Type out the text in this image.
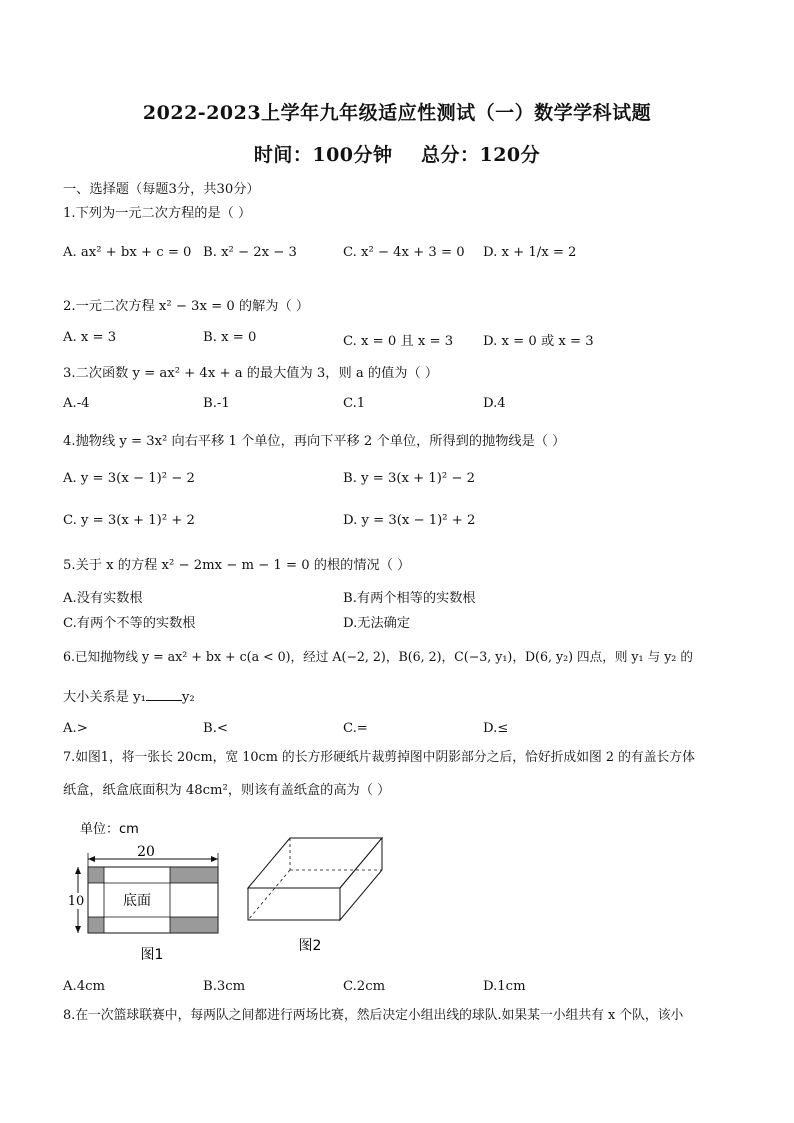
2022-2023上学年九年级适应性测试（一）数学学科试题
时间：100分钟    总分：120分
一、选择题（每题3分，共30分）
1.下列为一元二次方程的是（ ）
A. ax² + bx + c = 0 B. x² − 2x − 3	C. x² − 4x + 3 = 0 D. x + 1/x = 2
2.一元二次方程 x² − 3x = 0 的解为（ ）
A. x = 3	B. x = 0	C. x = 0 且 x = 3 D. x = 0 或 x = 3
3.二次函数 y = ax² + 4x + a 的最大值为 3，则 a 的值为（ ）
A.-4	B.-1	C.1	D.4
4.抛物线 y = 3x² 向右平移 1 个单位，再向下平移 2 个单位，所得到的抛物线是（ ）
A. y = 3(x − 1)² − 2	B. y = 3(x + 1)² − 2
C. y = 3(x + 1)² + 2	D. y = 3(x − 1)² + 2
5.关于 x 的方程 x² − 2mx − m − 1 = 0 的根的情况（ ）
A.没有实数根	B.有两个相等的实数根
C.有两个不等的实数根	D.无法确定
6.已知抛物线 y = ax² + bx + c(a < 0)，经过 A(−2, 2)，B(6, 2)，C(−3, y₁)，D(6, y₂) 四点，则 y₁ 与 y₂ 的
大小关系是 y₁	y₂
A.>	B.<	C.=	D.≤
7.如图1，将一张长 20cm，宽 10cm 的长方形硬纸片裁剪掉图中阴影部分之后，恰好折成如图 2 的有盖长方体
纸盒，纸盒底面积为 48cm²，则该有盖纸盒的高为（ ）
单位：cm
20
10	底面
图1
图2
A.4cm	B.3cm	C.2cm	D.1cm
8.在一次篮球联赛中，每两队之间都进行两场比赛，然后决定小组出线的球队.如果某一小组共有 x 个队，该小
